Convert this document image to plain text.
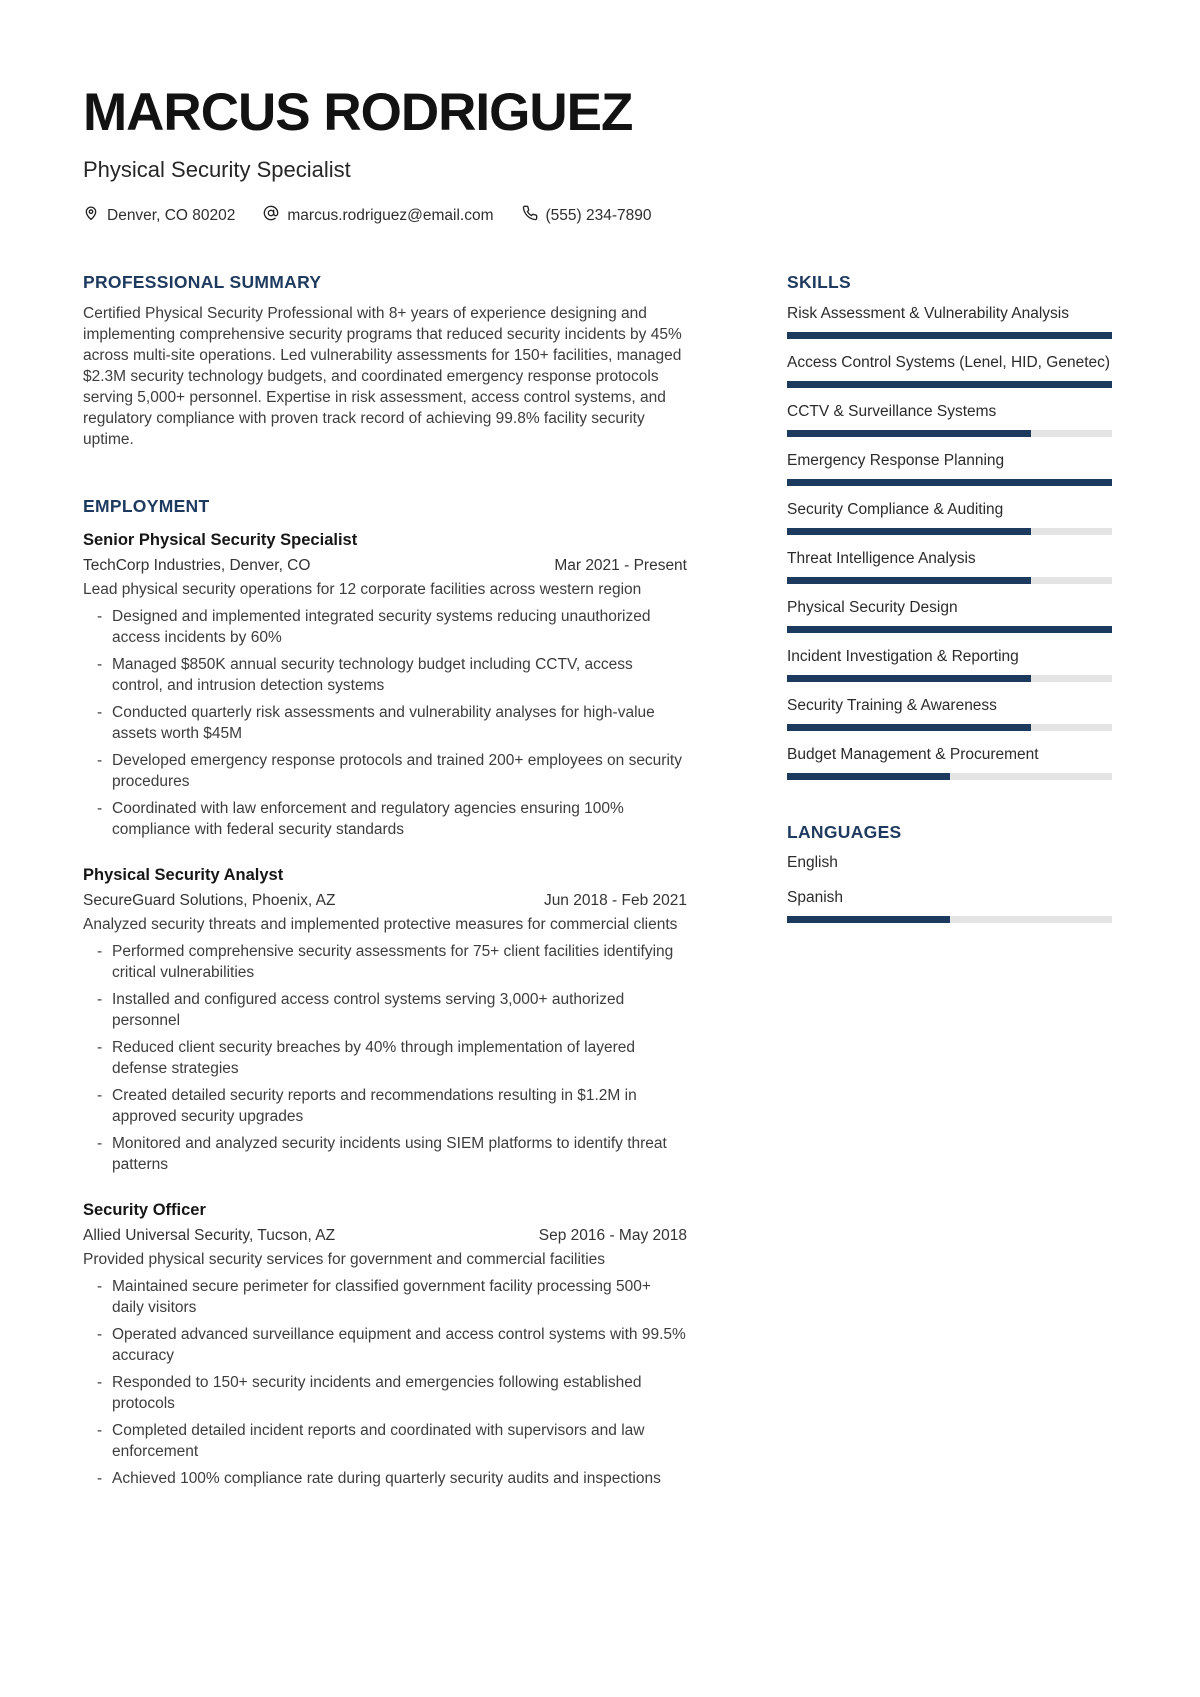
MARCUS RODRIGUEZ
Physical Security Specialist
Denver, CO 80202	marcus.rodriguez@email.com	(555) 234-7890
PROFESSIONAL SUMMARY

Certified Physical Security Professional with 8+ years of experience designing and implementing comprehensive security programs that reduced security incidents by 45% across multi-site operations. Led vulnerability assessments for 150+ facilities, managed $2.3M security technology budgets, and coordinated emergency response protocols serving 5,000+ personnel. Expertise in risk assessment, access control systems, and regulatory compliance with proven track record of achieving 99.8% facility security uptime.

EMPLOYMENT
Senior Physical Security Specialist
TechCorp Industries, Denver, CO	Mar 2021 - Present
Lead physical security operations for 12 corporate facilities across western region
- Designed and implemented integrated security systems reducing unauthorized access incidents by 60%
- Managed $850K annual security technology budget including CCTV, access control, and intrusion detection systems
- Conducted quarterly risk assessments and vulnerability analyses for high-value assets worth $45M
- Developed emergency response protocols and trained 200+ employees on security procedures
- Coordinated with law enforcement and regulatory agencies ensuring 100% compliance with federal security standards
Physical Security Analyst
SecureGuard Solutions, Phoenix, AZ	Jun 2018 - Feb 2021
Analyzed security threats and implemented protective measures for commercial clients
- Performed comprehensive security assessments for 75+ client facilities identifying critical vulnerabilities
- Installed and configured access control systems serving 3,000+ authorized personnel
- Reduced client security breaches by 40% through implementation of layered defense strategies
- Created detailed security reports and recommendations resulting in $1.2M in approved security upgrades
- Monitored and analyzed security incidents using SIEM platforms to identify threat patterns
Security Officer
Allied Universal Security, Tucson, AZ	Sep 2016 - May 2018
Provided physical security services for government and commercial facilities
- Maintained secure perimeter for classified government facility processing 500+ daily visitors
- Operated advanced surveillance equipment and access control systems with 99.5% accuracy
- Responded to 150+ security incidents and emergencies following established protocols
- Completed detailed incident reports and coordinated with supervisors and law enforcement
- Achieved 100% compliance rate during quarterly security audits and inspections
SKILLS
Risk Assessment & Vulnerability Analysis
Access Control Systems (Lenel, HID, Genetec)
CCTV & Surveillance Systems
Emergency Response Planning
Security Compliance & Auditing
Threat Intelligence Analysis
Physical Security Design
Incident Investigation & Reporting
Security Training & Awareness
Budget Management & Procurement
LANGUAGES
English
Spanish
